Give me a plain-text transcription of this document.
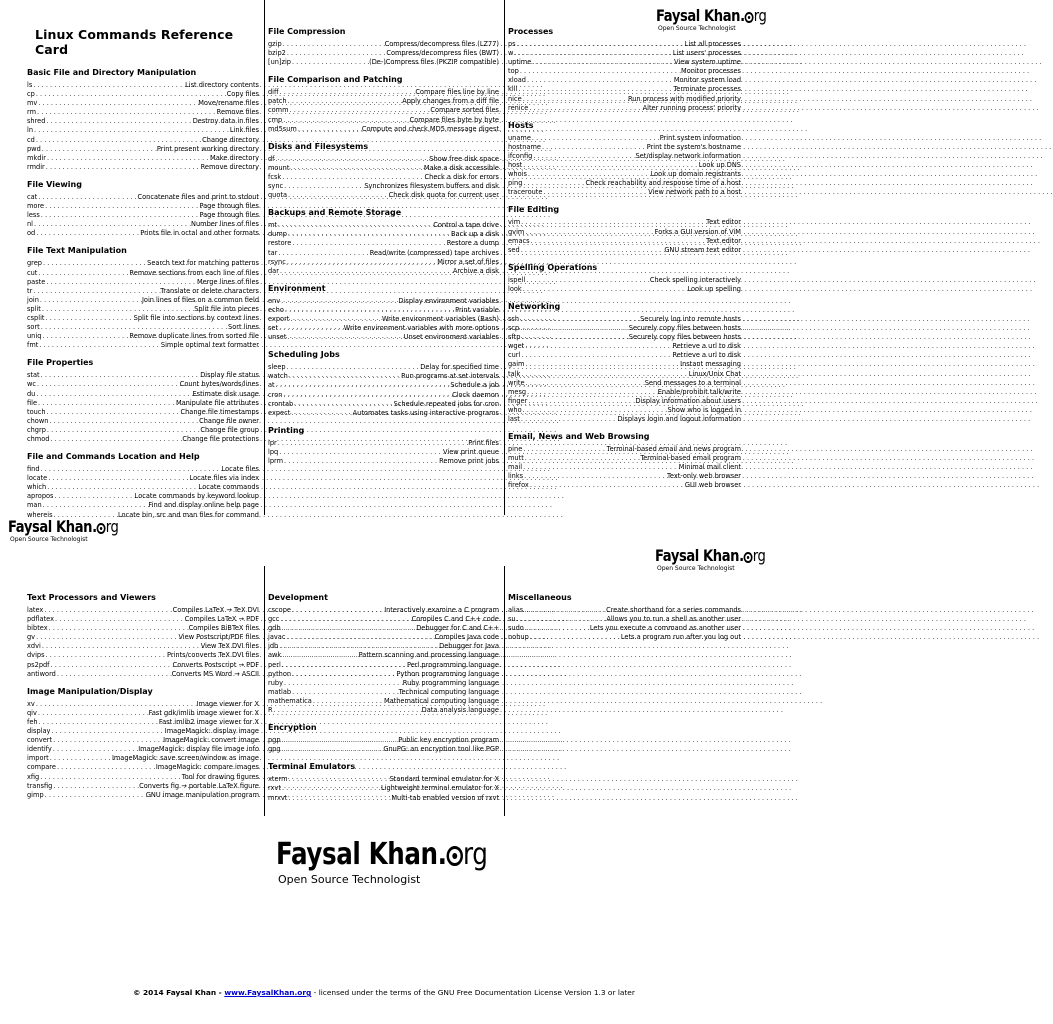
Linux Commands Reference Card
Basic File and Directory Manipulation
ls . . .	List directory contents
cp . . .	Copy files
mv . . .	Move/rename files
rm . . .	Remove files
shred . . .	Destroy data in files
ln . . .	Link files
cd . . .	Change directory
pwd . . .	Print present working directory
mkdir . . .	Make directory
rmdir . . .	Remove directory
File Viewing
cat . . .	Concatenate files and print to stdout
more . . .	Page through files
less . . .	Page through files
nl . . .	Number lines of files
od . . .	Prints file in octal and other formats
File Text Manipulation
grep . . .	Search text for matching patterns
cut . . .	Remove sections from each line of files
paste . . .	Merge lines of files
tr . . .	Translate or delete characters
join . . .	Join lines of files on a common field
split . . .	Split file into pieces
csplit . . .	Split file into sections by context lines
sort . . .	Sort lines
uniq . . .	Remove duplicate lines from sorted file
fmt . . .	Simple optimal text formatter
File Properties
stat . . .	Display file status
wc . . .	Count bytes/words/lines
du . . .	Estimate disk usage
file . . .	Manipulate file attributes
touch . . .	Change file timestamps
chown . . .	Change file owner
chgrp . . .	Change file group
chmod . . .	Change file protections
File and Commands Location and Help
find . . .	Locate files
locate . . .	Locate files via index
which . . .	Locate commands
apropos . . .	Locate commands by keyword lookup
man . . .	Find and display online help page
whereis . . .	Locate bin, src and man files for command
File Compression
gzip . . .	Compress/decompress files (LZ77)
bzip2 . . .	Compress/decompress files (BWT)
[un]zip . . .	(De-)Compress files (PKZIP compatible)
File Comparison and Patching
diff . . .	Compare files line by line
patch . . .	Apply changes from a diff file
comm . . .	Compare sorted files
cmp . . .	Compare files byte by byte
md5sum . . .	Compute and check MD5 message digest
Disks and Filesystems
df . . .	Show free disk space
mount . . .	Make a disk accessible
fcsk . . .	Check a disk for errors
sync . . .	Synchronizes filesystem buffers and disk
quota . . .	Check disk quota for current user
Backups and Remote Storage
mt . . .	Control a tape drive
dump . . .	Back up a disk
restore . . .	Restore a dump
tar . . .	Read/write (compressed) tape archives
rsync . . .	Mirror a set of files
dar . . .	Archive a disk
Environment
env . . .	Display environment variables
echo . . .	Print variable
export . . .	Write environment variables (Bash)
set . . .	Write environment variables with more options
unset . . .	Unset environment variables
Scheduling Jobs
sleep . . .	Delay for specified time
watch . . .	Run programs at set intervals
at . . .	Schedule a job
cron . . .	Clock daemon
crontab . . .	Schedule repeated jobs for cron
expect . . .	Automates tasks using interactive programs
Printing
lpr . . .	Print files
lpq . . .	View print queue
lprm . . .	Remove print jobs
Processes
ps . . .	List all processes
w . . .	List users' processes
uptime . . .	View system uptime
top . . .	Monitor processes
xload . . .	Monitor system load
kill . . .	Terminate processes
nice . . .	Run process with modified priority
renice . . .	Alter running process' priority
Hosts
uname . . .	Print system information
hostname . . .	Print the system's hostname
ifconfig . . .	Set/display network information
host . . .	Look up DNS
whois . . .	Look up domain registrants
ping . . .	Check reachability and response time of a host
traceroute . . .	View network path to a host
File Editing
vim . . .	Text editor
gvim . . .	Forks a GUI version of ViM
emacs . . .	Text editor
sed . . .	GNU stream text editor
Spelling Operations
ispell . . .	Check spelling interactively
look . . .	Look up spelling
Networking
ssh . . .	Securely log into remote hosts
scp . . .	Securely copy files between hosts
sftp . . .	Securely copy files between hosts
wget . . .	Retrieve a url to disk
curl . . .	Retrieve a url to disk
gaim . . .	Instant messaging
talk . . .	Linux/Unix Chat
write . . .	Send messages to a terminal
mesg . . .	Enable/prohibit talk/write
finger . . .	Display information about users
who . . .	Show who is logged in
last . . .	Displays login and logout information
Email, News and Web Browsing
pine . . .	Terminal-based email and news program
mutt . . .	Terminal-based email program
mail . . .	Minimal mail client
links . . .	Text-only web browser
firefox . . .	GUI web browser
Faysal Khan. rg
Open Source Technologist
Faysal Khan. rg
Open Source Technologist
Faysal Khan. rg
Open Source Technologist
Text Processors and Viewers
latex . . .	Compiles LaTeX → TeX DVI
pdflatex . . .	Compiles LaTeX → PDF
bibtex . . .	Compiles BiBTeX files
gv . . .	View Postscript/PDF files
xdvi . . .	View TeX DVI files
dvips . . .	Prints/converts TeX DVI files
ps2pdf . . .	Converts Postscript → PDF
antiword . . .	Converts MS Word → ASCII
Image Manipulation/Display
xv . . .	Image viewer for X
qiv . . .	Fast gdk/imlib image viewer for X
feh . . .	Fast imlib2 image viewer for X
display . . .	ImageMagick: display image
convert . . .	ImageMagick: convert image
identify . . .	ImageMagick: display file image info
import . . .	ImageMagick: save screen/window as image
compare . . .	ImageMagick: compare images
xfig . . .	Tool for drawing figures
transfig . . .	Converts fig → portable LaTeX figure
gimp . . .	GNU image manipulation program
Development
cscope . . .	Interactively examine a C program
gcc . . .	Compiles C and C++ code
gdb . . .	Debugger for C and C++
javac . . .	Compiles Java code
jdb . . .	Debugger for Java
awk . . .	Pattern scanning and processing language
perl . . .	Perl programming language
python . . .	Python programming language
ruby . . .	Ruby programming language
matlab . . .	Technical computing language
mathematica . . .	Mathematical computing language
R . . .	Data analysis language
Encryption
pgp . . .	Public key encryption program
gpg . . .	GnuPG: an encryption tool like PGP
Terminal Emulators
xterm . . .	Standard terminal emulator for X
rxvt . . .	Lightweight terminal emulator for X
mrxvt . . .	Multi-tab enabled version of rxvt
Miscellaneous
alias . . .	Create shorthand for a series commands
su . . .	Allows you to run a shell as another user
sudo . . .	Lets you execute a command as another user
nohup . . .	Lets a program run after you log out
Faysal Khan. rg
Open Source Technologist
© 2014 Faysal Khan - www.FaysalKhan.org - licensed under the terms of the GNU Free Documentation License Version 1.3 or later
